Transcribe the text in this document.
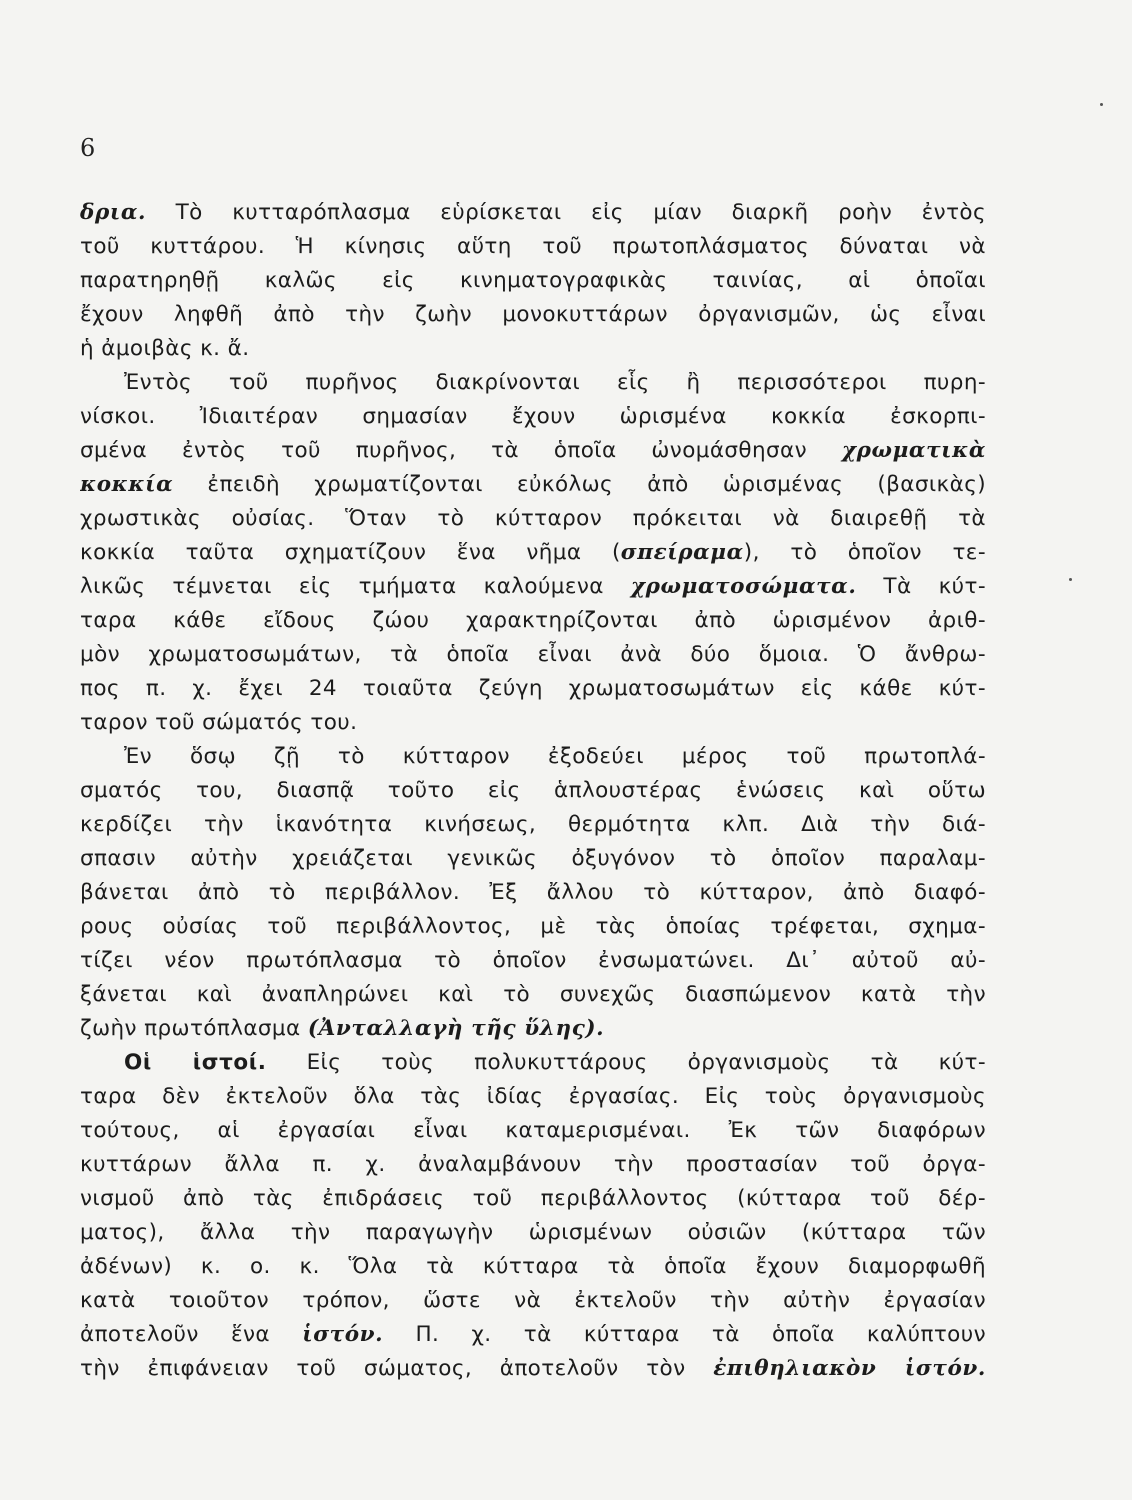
6
δρια. Τὸ κυτταρόπλασμα εὑρίσκεται εἰς μίαν διαρκῆ ροὴν ἐντὸς
τοῦ κυττάρου. Ἡ κίνησις αὕτη τοῦ πρωτοπλάσματος δύναται νὰ
παρατηρηθῇ καλῶς εἰς κινηματογραφικὰς ταινίας, αἱ ὁποῖαι
ἔχουν ληφθῆ ἀπὸ τὴν ζωὴν μονοκυττάρων ὀργανισμῶν, ὡς εἶναι
ἡ ἀμοιβὰς κ. ἄ.
Ἐντὸς τοῦ πυρῆνος διακρίνονται εἷς ἢ περισσότεροι πυρη-
νίσκοι. Ἰδιαιτέραν σημασίαν ἔχουν ὡρισμένα κοκκία ἐσκορπι-
σμένα ἐντὸς τοῦ πυρῆνος, τὰ ὁποῖα ὠνομάσθησαν χρωματικὰ
κοκκία ἐπειδὴ χρωματίζονται εὐκόλως ἀπὸ ὡρισμένας (βασικὰς)
χρωστικὰς οὐσίας. Ὅταν τὸ κύτταρον πρόκειται νὰ διαιρεθῇ τὰ
κοκκία ταῦτα σχηματίζουν ἕνα νῆμα (σπείραμα), τὸ ὁποῖον τε-
λικῶς τέμνεται εἰς τμήματα καλούμενα χρωματοσώματα. Τὰ κύτ-
ταρα κάθε εἴδους ζώου χαρακτηρίζονται ἀπὸ ὡρισμένον ἀριθ-
μὸν χρωματοσωμάτων, τὰ ὁποῖα εἶναι ἀνὰ δύο ὅμοια. Ὁ ἄνθρω-
πος π. χ. ἔχει 24 τοιαῦτα ζεύγη χρωματοσωμάτων εἰς κάθε κύτ-
ταρον τοῦ σώματός του.
Ἐν ὅσῳ ζῇ τὸ κύτταρον ἐξοδεύει μέρος τοῦ πρωτοπλά-
σματός του, διασπᾷ τοῦτο εἰς ἁπλουστέρας ἑνώσεις καὶ οὕτω
κερδίζει τὴν ἱκανότητα κινήσεως, θερμότητα κλπ. Διὰ τὴν διά-
σπασιν αὐτὴν χρειάζεται γενικῶς ὀξυγόνον τὸ ὁποῖον παραλαμ-
βάνεται ἀπὸ τὸ περιβάλλον. Ἐξ ἄλλου τὸ κύτταρον, ἀπὸ διαφό-
ρους οὐσίας τοῦ περιβάλλοντος, μὲ τὰς ὁποίας τρέφεται, σχημα-
τίζει νέον πρωτόπλασμα τὸ ὁποῖον ἐνσωματώνει. Δι᾿ αὐτοῦ αὐ-
ξάνεται καὶ ἀναπληρώνει καὶ τὸ συνεχῶς διασπώμενον κατὰ τὴν
ζωὴν πρωτόπλασμα (Ἀνταλλαγὴ τῆς ὕλης).
Οἱ ἱστοί. Εἰς τοὺς πολυκυττάρους ὀργανισμοὺς τὰ κύτ-
ταρα δὲν ἐκτελοῦν ὅλα τὰς ἰδίας ἐργασίας. Εἰς τοὺς ὀργανισμοὺς
τούτους, αἱ ἐργασίαι εἶναι καταμερισμέναι. Ἐκ τῶν διαφόρων
κυττάρων ἄλλα π. χ. ἀναλαμβάνουν τὴν προστασίαν τοῦ ὀργα-
νισμοῦ ἀπὸ τὰς ἐπιδράσεις τοῦ περιβάλλοντος (κύτταρα τοῦ δέρ-
ματος), ἄλλα τὴν παραγωγὴν ὡρισμένων οὐσιῶν (κύτταρα τῶν
ἀδένων) κ. ο. κ. Ὅλα τὰ κύτταρα τὰ ὁποῖα ἔχουν διαμορφωθῆ
κατὰ τοιοῦτον τρόπον, ὥστε νὰ ἐκτελοῦν τὴν αὐτὴν ἐργασίαν
ἀποτελοῦν ἕνα ἱστόν. Π. χ. τὰ κύτταρα τὰ ὁποῖα καλύπτουν
τὴν ἐπιφάνειαν τοῦ σώματος, ἀποτελοῦν τὸν ἐπιθηλιακὸν ἱστόν.
